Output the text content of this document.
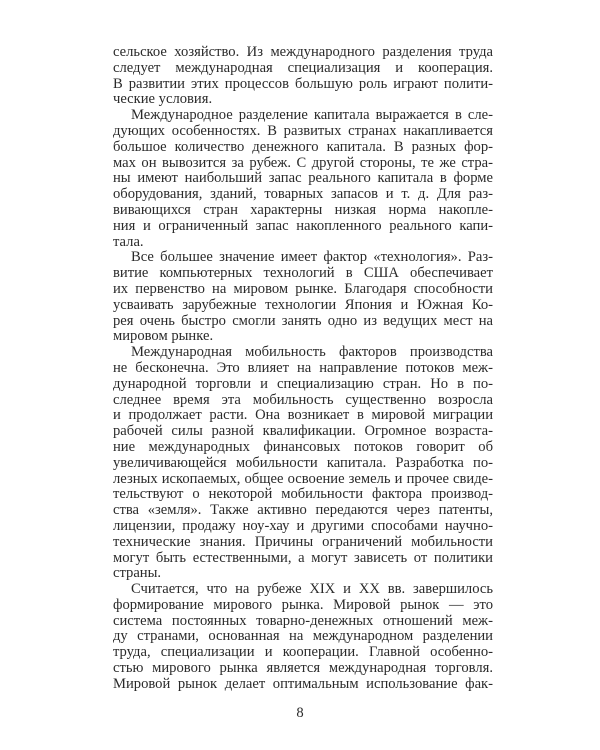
сельское хозяйство. Из международного разделения труда
следует международная специализация и кооперация.
В развитии этих процессов большую роль играют полити-
ческие условия.
Международное разделение капитала выражается в сле-
дующих особенностях. В развитых странах накапливается
большое количество денежного капитала. В разных фор-
мах он вывозится за рубеж. С другой стороны, те же стра-
ны имеют наибольший запас реального капитала в форме
оборудования, зданий, товарных запасов и т. д. Для раз-
вивающихся стран характерны низкая норма накопле-
ния и ограниченный запас накопленного реального капи-
тала.
Все большее значение имеет фактор «технология». Раз-
витие компьютерных технологий в США обеспечивает
их первенство на мировом рынке. Благодаря способности
усваивать зарубежные технологии Япония и Южная Ко-
рея очень быстро смогли занять одно из ведущих мест на
мировом рынке.
Международная мобильность факторов производства
не бесконечна. Это влияет на направление потоков меж-
дународной торговли и специализацию стран. Но в по-
следнее время эта мобильность существенно возросла
и продолжает расти. Она возникает в мировой миграции
рабочей силы разной квалификации. Огромное возраста-
ние международных финансовых потоков говорит об
увеличивающейся мобильности капитала. Разработка по-
лезных ископаемых, общее освоение земель и прочее свиде-
тельствуют о некоторой мобильности фактора производ-
ства «земля». Также активно передаются через патенты,
лицензии, продажу ноу-хау и другими способами научно-
технические знания. Причины ограничений мобильности
могут быть естественными, а могут зависеть от политики
страны.
Считается, что на рубеже XIX и XX вв. завершилось
формирование мирового рынка. Мировой рынок — это
система постоянных товарно-денежных отношений меж-
ду странами, основанная на международном разделении
труда, специализации и кооперации. Главной особенно-
стью мирового рынка является международная торговля.
Мировой рынок делает оптимальным использование фак-
8
